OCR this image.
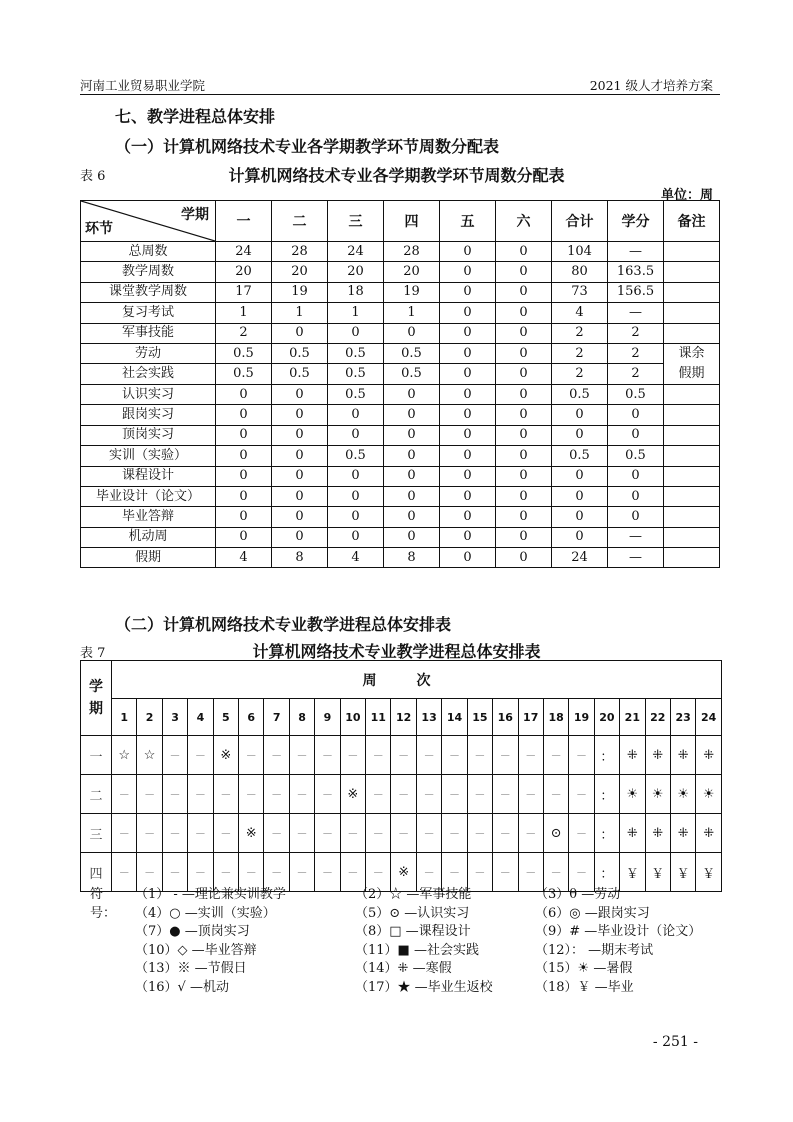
河南工业贸易职业学院	2021 级人才培养方案
七、教学进程总体安排
（一）计算机网络技术专业各学期教学环节周数分配表
表 6	计算机网络技术专业各学期教学环节周数分配表
单位：周
学期
环节	一	二	三	四	五	六	合计	学分	备注
总周数	24	28	24	28	0	0	104	—	
教学周数	20	20	20	20	0	0	80	163.5	
课堂教学周数	17	19	18	19	0	0	73	156.5	
复习考试	1	1	1	1	0	0	4	—	
军事技能	2	0	0	0	0	0	2	2	
劳动	0.5	0.5	0.5	0.5	0	0	2	2	课余
假期

社会实践	0.5	0.5	0.5	0.5	0	0	2	2	
认识实习	0	0	0.5	0	0	0	0.5	0.5	
跟岗实习	0	0	0	0	0	0	0	0	
顶岗实习	0	0	0	0	0	0	0	0	
实训（实验）	0	0	0.5	0	0	0	0.5	0.5	
课程设计	0	0	0	0	0	0	0	0	
毕业设计（论文）	0	0	0	0	0	0	0	0	
毕业答辩	0	0	0	0	0	0	0	0	
机动周	0	0	0	0	0	0	0	—	
假期	4	8	4	8	0	0	24	—	
（二）计算机网络技术专业教学进程总体安排表
表 7	计算机网络技术专业教学进程总体安排表
学
期	周次																							
	1	2	3	4	5	6	7	8	9	10	11	12	13	14	15	16	17	18	19	20	21	22	23	24
一	☆	☆	－	－	※	－	－	－	－	－	－	－	－	－	－	－	－	－	－	：	⁜	⁜	⁜	⁜
二	－	－	－	－	－	－	－	－	－	※	－	－	－	－	－	－	－	－	－	：	☀	☀	☀	☀
三	－	－	－	－	－	※	－	－	－	－	－	－	－	－	－	－	－	⊙	－	：	⁜	⁜	⁜	⁜
四	－	－	－	－	－	－	－	－	－	－	－	※	－	－	－	－	－	－	－	：	￥	￥	￥	￥
符号：
（1） - —理论兼实训教学	（2）☆ —军事技能	（3）θ —劳动
（4）○ —实训（实验）	（5）⊙ —认识实习	（6）◎ —跟岗实习
（7）● —顶岗实习	（8）□ —课程设计	（9）# —毕业设计（论文）
（10）◇ —毕业答辩	（11）■ —社会实践	（12）： —期末考试
（13）※ —节假日	（14）⁜ —寒假	（15）☀ —暑假
（16）√ —机动	（17）★ —毕业生返校	（18）￥ —毕业
- 251 -
